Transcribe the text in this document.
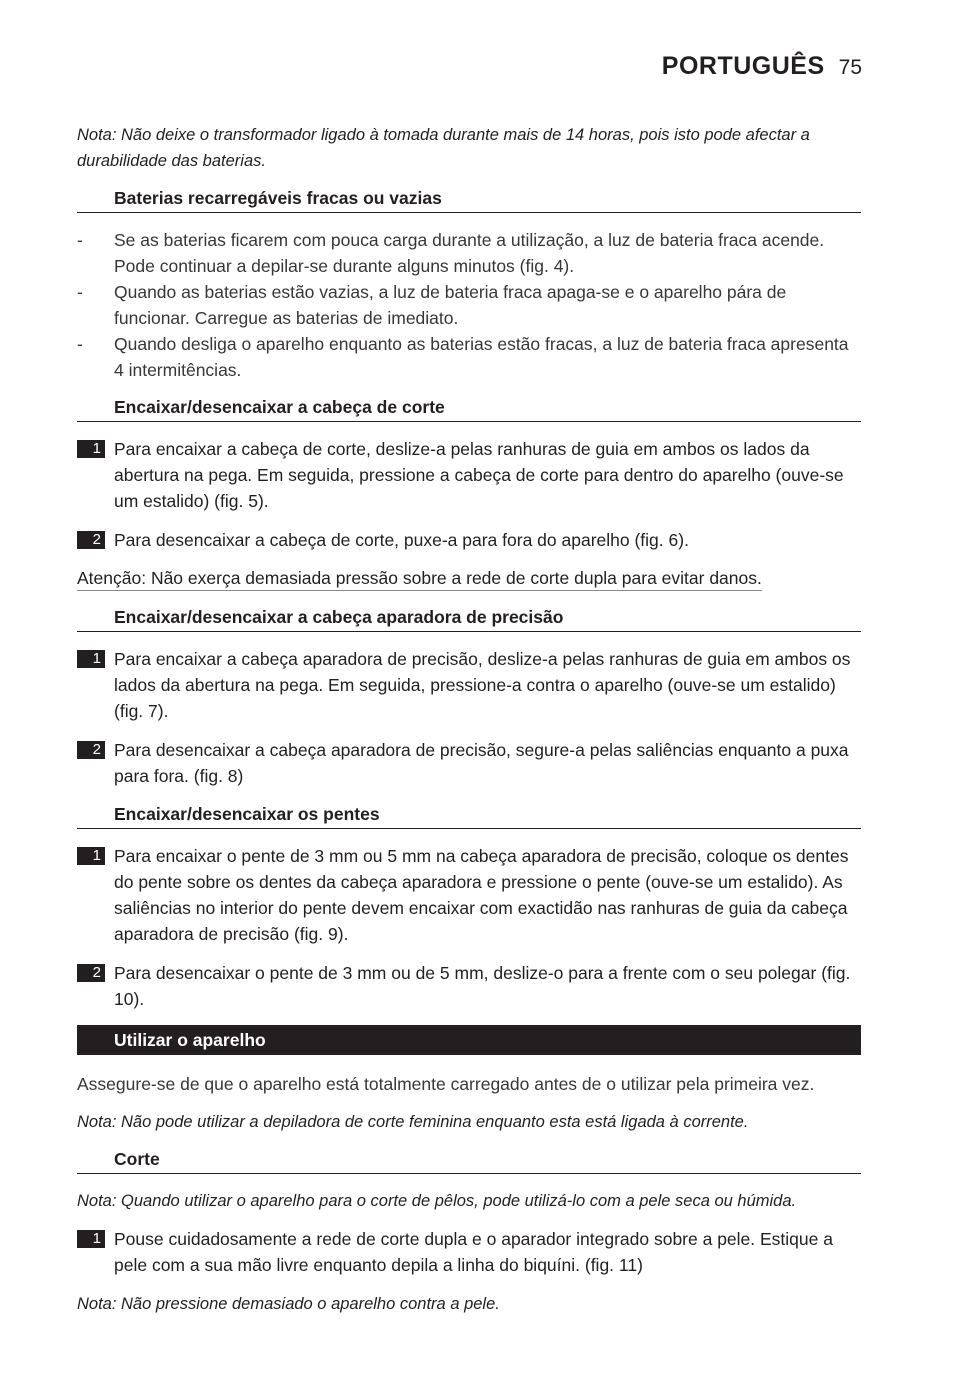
PORTUGUÊS 75

Nota: Não deixe o transformador ligado à tomada durante mais de 14 horas, pois isto pode afectar a durabilidade das baterias.

Baterias recarregáveis fracas ou vazias
- Se as baterias ficarem com pouca carga durante a utilização, a luz de bateria fraca acende. Pode continuar a depilar-se durante alguns minutos (fig. 4).
- Quando as baterias estão vazias, a luz de bateria fraca apaga-se e o aparelho pára de funcionar. Carregue as baterias de imediato.
- Quando desliga o aparelho enquanto as baterias estão fracas, a luz de bateria fraca apresenta 4 intermitências.
Encaixar/desencaixar a cabeça de corte
1 Para encaixar a cabeça de corte, deslize-a pelas ranhuras de guia em ambos os lados da abertura na pega. Em seguida, pressione a cabeça de corte para dentro do aparelho (ouve-se um estalido) (fig. 5).
2 Para desencaixar a cabeça de corte, puxe-a para fora do aparelho (fig. 6).
Atenção: Não exerça demasiada pressão sobre a rede de corte dupla para evitar danos.
Encaixar/desencaixar a cabeça aparadora de precisão
1 Para encaixar a cabeça aparadora de precisão, deslize-a pelas ranhuras de guia em ambos os lados da abertura na pega. Em seguida, pressione-a contra o aparelho (ouve-se um estalido) (fig. 7).
2 Para desencaixar a cabeça aparadora de precisão, segure-a pelas saliências enquanto a puxa para fora. (fig. 8)
Encaixar/desencaixar os pentes
1 Para encaixar o pente de 3 mm ou 5 mm na cabeça aparadora de precisão, coloque os dentes do pente sobre os dentes da cabeça aparadora e pressione o pente (ouve-se um estalido). As saliências no interior do pente devem encaixar com exactidão nas ranhuras de guia da cabeça aparadora de precisão (fig. 9).
2 Para desencaixar o pente de 3 mm ou de 5 mm, deslize-o para a frente com o seu polegar (fig. 10).
Utilizar o aparelho

Assegure-se de que o aparelho está totalmente carregado antes de o utilizar pela primeira vez.

Nota: Não pode utilizar a depiladora de corte feminina enquanto esta está ligada à corrente.

Corte

Nota: Quando utilizar o aparelho para o corte de pêlos, pode utilizá-lo com a pele seca ou húmida.

1 Pouse cuidadosamente a rede de corte dupla e o aparador integrado sobre a pele. Estique a pele com a sua mão livre enquanto depila a linha do biquíni. (fig. 11)

Nota: Não pressione demasiado o aparelho contra a pele.
